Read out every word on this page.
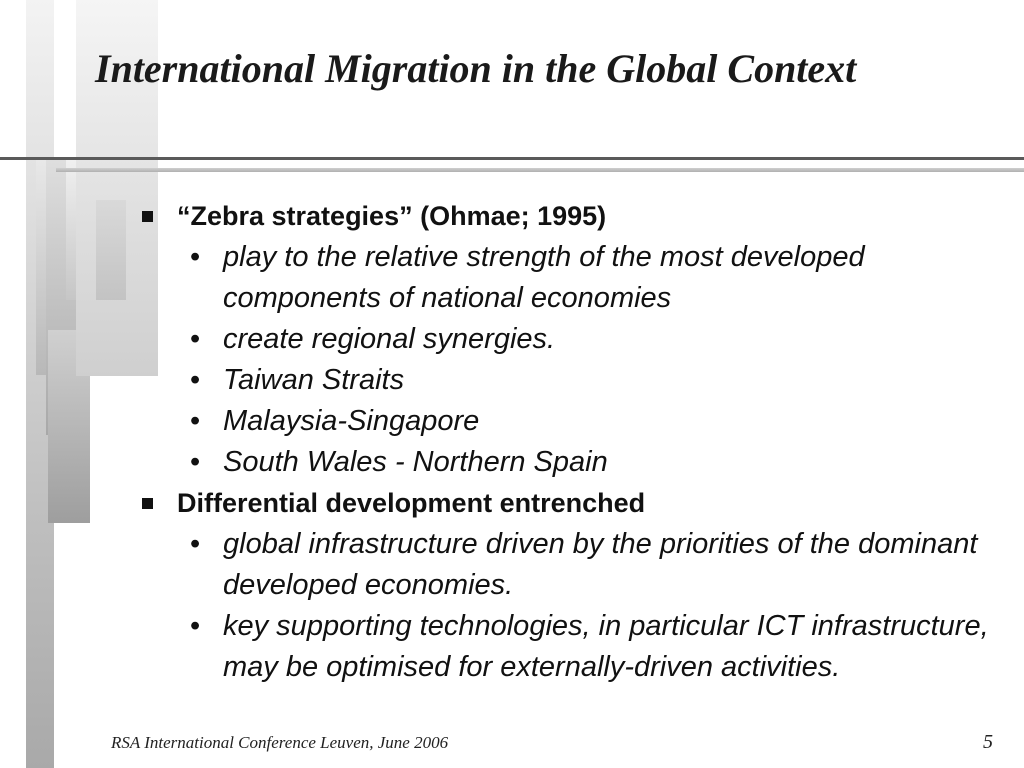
International Migration in the Global Context
“Zebra strategies” (Ohmae; 1995)
• play to the relative strength of the most developed components of national economies
• create regional synergies.
• Taiwan Straits
• Malaysia-Singapore
• South Wales - Northern Spain
Differential development entrenched
• global infrastructure driven by the priorities of the dominant developed economies.
• key supporting technologies, in particular ICT infrastructure, may be optimised for externally-driven activities.
RSA International Conference Leuven, June 2006	5
